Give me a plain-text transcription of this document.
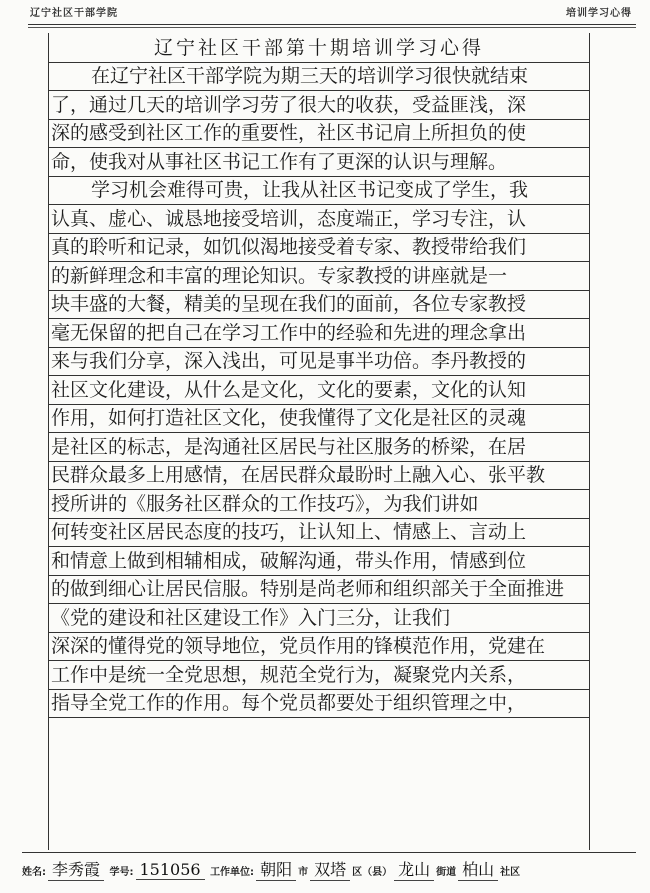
辽宁社区干部学院	培训学习心得
辽宁社区干部第十期培训学习心得
在辽宁社区干部学院为期三天的培训学习很快就结束
了，通过几天的培训学习劳了很大的收获，受益匪浅，深
深的感受到社区工作的重要性，社区书记肩上所担负的使
命，使我对从事社区书记工作有了更深的认识与理解。
学习机会难得可贵，让我从社区书记变成了学生，我
认真、虚心、诚恳地接受培训，态度端正，学习专注，认
真的聆听和记录，如饥似渴地接受着专家、教授带给我们
的新鲜理念和丰富的理论知识。专家教授的讲座就是一
块丰盛的大餐，精美的呈现在我们的面前，各位专家教授
毫无保留的把自己在学习工作中的经验和先进的理念拿出
来与我们分享，深入浅出，可见是事半功倍。李丹教授的
社区文化建设，从什么是文化，文化的要素，文化的认知
作用，如何打造社区文化，使我懂得了文化是社区的灵魂
是社区的标志，是沟通社区居民与社区服务的桥梁，在居
民群众最多上用感情，在居民群众最盼时上融入心、张平教
授所讲的《服务社区群众的工作技巧》，为我们讲如
何转变社区居民态度的技巧，让认知上、情感上、言动上
和情意上做到相辅相成，破解沟通，带头作用，情感到位
的做到细心让居民信服。特别是尚老师和组织部关于全面推进
《党的建设和社区建设工作》入门三分，让我们
深深的懂得党的领导地位，党员作用的锋模范作用，党建在
工作中是统一全党思想，规范全党行为，凝聚党内关系，
指导全党工作的作用。每个党员都要处于组织管理之中，
姓名: 李秀霞 学号: 151056 工作单位: 朝阳 市 双塔 区（县） 龙山 街道 柏山 社区
